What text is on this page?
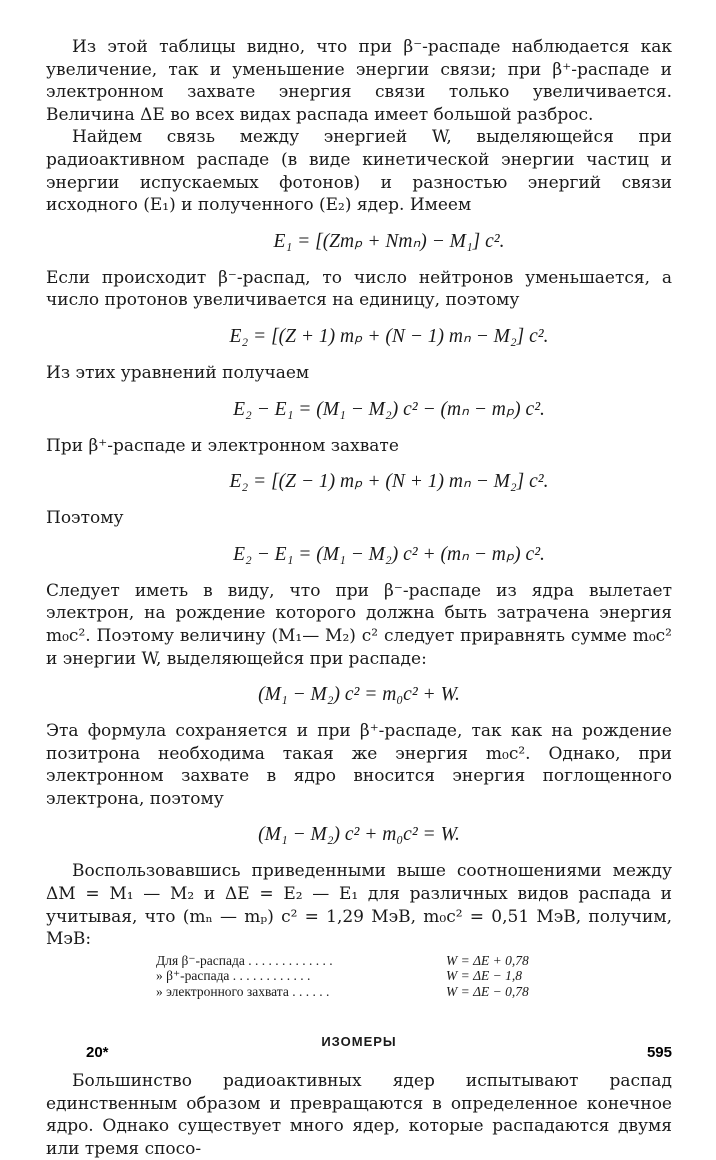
Из этой таблицы видно, что при β⁻-распаде наблюдается как увеличение, так и уменьшение энергии связи; при β⁺-распаде и электронном захвате энергия связи только увеличивается. Величина ΔE во всех видах распада имеет большой разброс.

Найдем связь между энергией W, выделяющейся при радиоактивном распаде (в виде кинетической энергии частиц и энергии испускаемых фотонов) и разностью энергий связи исходного (E₁) и полученного (E₂) ядер. Имеем

E₁ = [(Zmₚ + Nmₙ) − M₁] c².

Если происходит β⁻-распад, то число нейтронов уменьшается, а число протонов увеличивается на единицу, поэтому

E₂ = [(Z + 1) mₚ + (N − 1) mₙ − M₂] c².

Из этих уравнений получаем

E₂ − E₁ = (M₁ − M₂) c² − (mₙ − mₚ) c².

При β⁺-распаде и электронном захвате

E₂ = [(Z − 1) mₚ + (N + 1) mₙ − M₂] c².

Поэтому

E₂ − E₁ = (M₁ − M₂) c² + (mₙ − mₚ) c².

Следует иметь в виду, что при β⁻-распаде из ядра вылетает электрон, на рождение которого должна быть затрачена энергия m₀c². Поэтому величину (M₁— M₂) c² следует приравнять сумме m₀c² и энергии W, выделяющейся при распаде:

(M₁ − M₂) c² = m₀c² + W.

Эта формула сохраняется и при β⁺-распаде, так как на рождение позитрона необходима такая же энергия m₀c². Однако, при электронном захвате в ядро вносится энергия поглощенного электрона, поэтому

(M₁ − M₂) c² + m₀c² = W.

Воспользовавшись приведенными выше соотношениями между ΔM = M₁ — M₂ и ΔE = E₂ — E₁ для различных видов распада и учитывая, что (mₙ — mₚ) c² = 1,29 МэВ, m₀c² = 0,51 МэВ, получим, МэВ:

Для β⁻-распада . . . . . . . . . . . . .	W = ΔE + 0,78
» β⁺-распада . . . . . . . . . . . .	W = ΔE − 1,8
» электронного захвата . . . . . .	W = ΔE − 0,78
ИЗОМЕРЫ

Большинство радиоактивных ядер испытывают распад единственным образом и превращаются в определенное конечное ядро. Однако существует много ядер, которые распадаются двумя или тремя спосо-

20*	595
